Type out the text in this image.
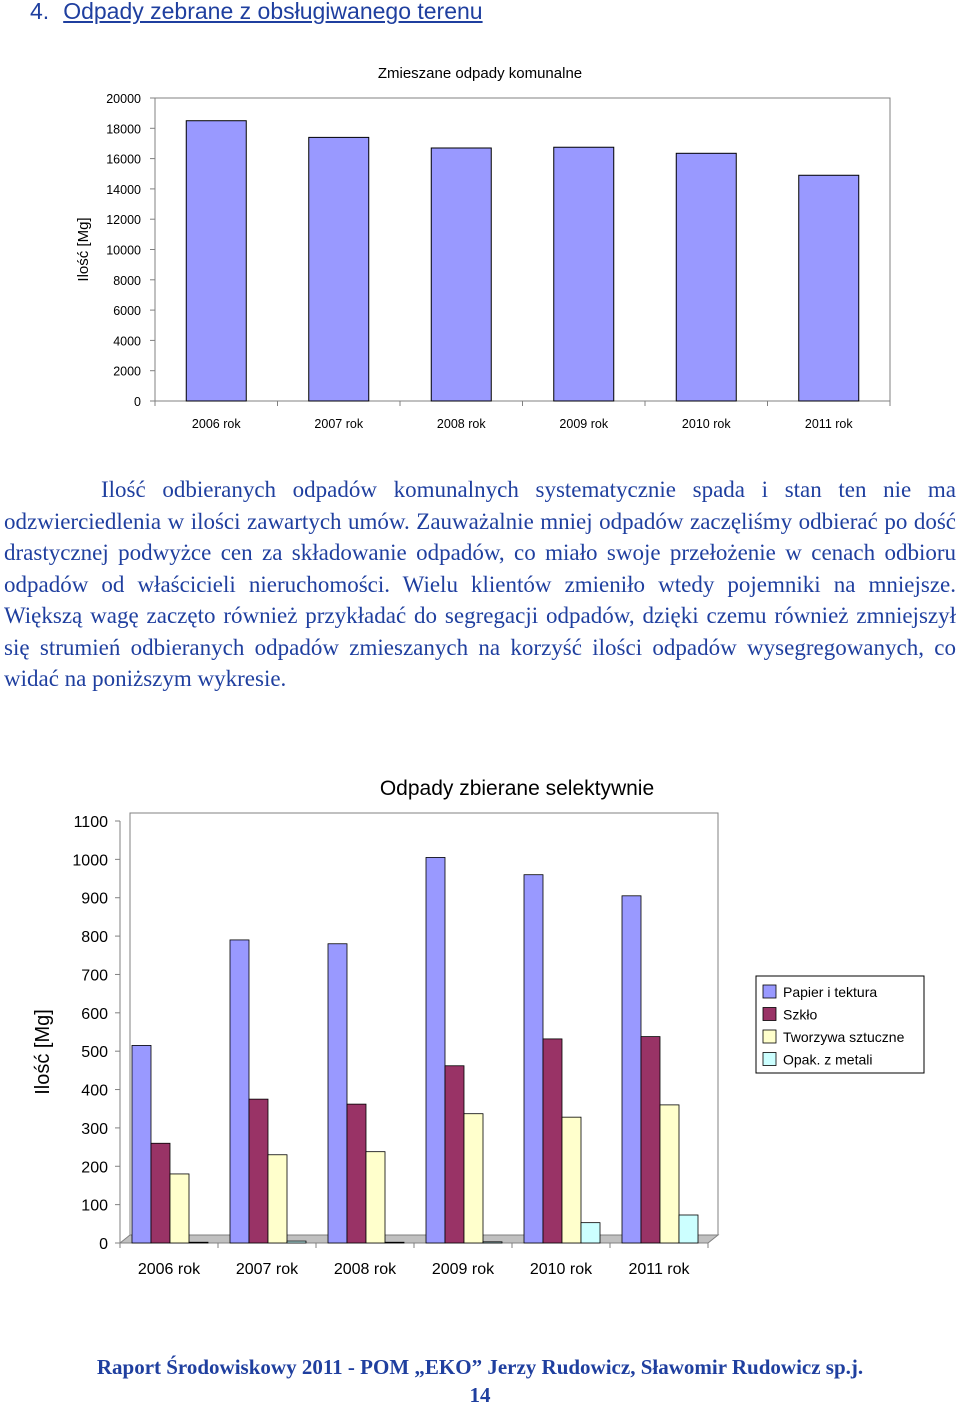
4. Odpady zebrane z obsługiwanego terenu
Zmieszane odpady komunalne
Ilość [Mg]
0
2000
4000
6000
8000
10000
12000
14000
16000
18000
20000
2006 rok	2007 rok	2008 rok	2009 rok	2010 rok	2011 rok

Ilość odbieranych odpadów komunalnych systematycznie spada i stan ten nie ma odzwierciedlenia w ilości zawartych umów. Zauważalnie mniej odpadów zaczęliśmy odbierać po dość drastycznej podwyżce cen za składowanie odpadów, co miało swoje przełożenie w cenach odbioru odpadów od właścicieli nieruchomości. Wielu klientów zmieniło wtedy pojemniki na mniejsze. Większą wagę zaczęto również przykładać do segregacji odpadów, dzięki czemu również zmniejszył się strumień odbieranych odpadów zmieszanych na korzyść ilości odpadów wysegregowanych, co widać na poniższym wykresie.

Odpady zbierane selektywnie
Ilość [Mg]
0
100
200
300
400
500
600
700
800
900
1000
1100
2006 rok 2007 rok 2008 rok 2009 rok 2010 rok 2011 rok
Papier i tektura
Szkło
Tworzywa sztuczne
Opak. z metali
Raport Środowiskowy 2011 - POM „EKO” Jerzy Rudowicz, Sławomir Rudowicz sp.j.
14
